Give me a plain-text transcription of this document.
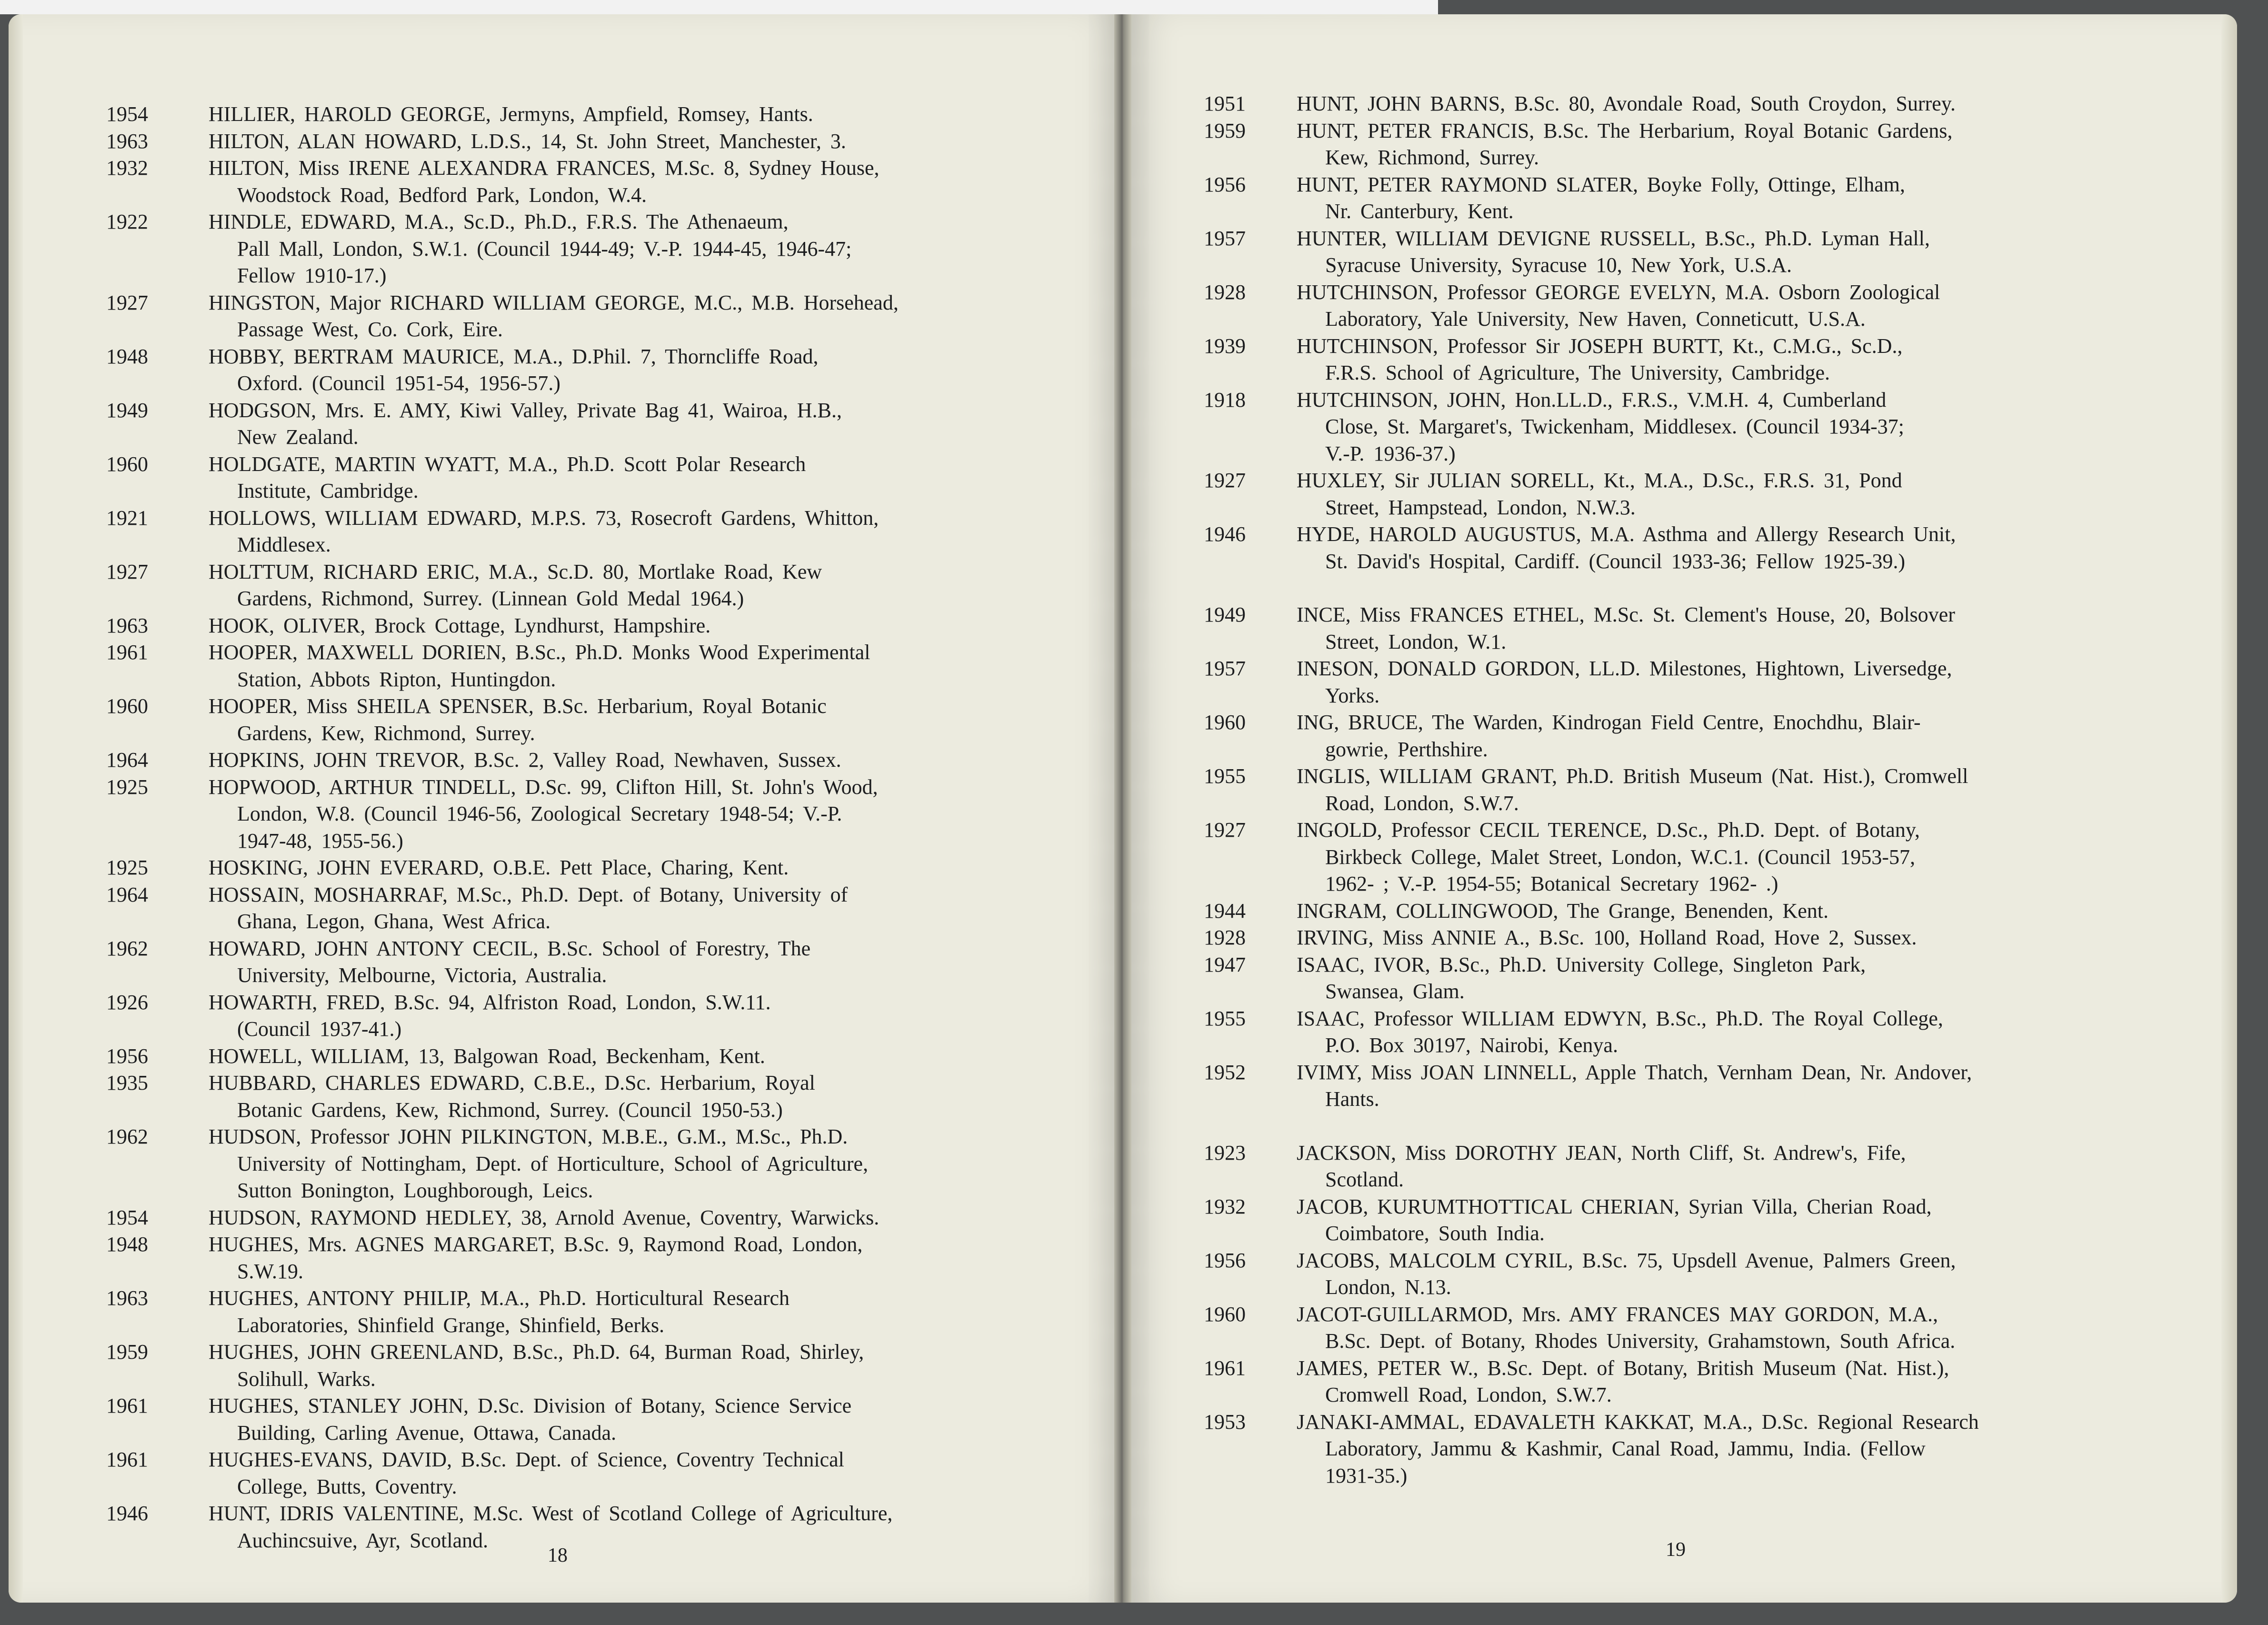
1954	HILLIER, HAROLD GEORGE, Jermyns, Ampfield, Romsey, Hants.
1963	HILTON, ALAN HOWARD, L.D.S., 14, St. John Street, Manchester, 3.
1932	HILTON, Miss IRENE ALEXANDRA FRANCES, M.Sc. 8, Sydney House,
Woodstock Road, Bedford Park, London, W.4.
1922	HINDLE, EDWARD, M.A., Sc.D., Ph.D., F.R.S. The Athenaeum,
Pall Mall, London, S.W.1. (Council 1944-49; V.-P. 1944-45, 1946-47;
Fellow 1910-17.)
1927	HINGSTON, Major RICHARD WILLIAM GEORGE, M.C., M.B. Horsehead,
Passage West, Co. Cork, Eire.
1948	HOBBY, BERTRAM MAURICE, M.A., D.Phil. 7, Thorncliffe Road,
Oxford. (Council 1951-54, 1956-57.)
1949	HODGSON, Mrs. E. AMY, Kiwi Valley, Private Bag 41, Wairoa, H.B.,
New Zealand.
1960	HOLDGATE, MARTIN WYATT, M.A., Ph.D. Scott Polar Research
Institute, Cambridge.
1921	HOLLOWS, WILLIAM EDWARD, M.P.S. 73, Rosecroft Gardens, Whitton,
Middlesex.
1927	HOLTTUM, RICHARD ERIC, M.A., Sc.D. 80, Mortlake Road, Kew
Gardens, Richmond, Surrey. (Linnean Gold Medal 1964.)
1963	HOOK, OLIVER, Brock Cottage, Lyndhurst, Hampshire.
1961	HOOPER, MAXWELL DORIEN, B.Sc., Ph.D. Monks Wood Experimental
Station, Abbots Ripton, Huntingdon.
1960	HOOPER, Miss SHEILA SPENSER, B.Sc. Herbarium, Royal Botanic
Gardens, Kew, Richmond, Surrey.
1964	HOPKINS, JOHN TREVOR, B.Sc. 2, Valley Road, Newhaven, Sussex.
1925	HOPWOOD, ARTHUR TINDELL, D.Sc. 99, Clifton Hill, St. John's Wood,
London, W.8. (Council 1946-56, Zoological Secretary 1948-54; V.-P.
1947-48, 1955-56.)
1925	HOSKING, JOHN EVERARD, O.B.E. Pett Place, Charing, Kent.
1964	HOSSAIN, MOSHARRAF, M.Sc., Ph.D. Dept. of Botany, University of
Ghana, Legon, Ghana, West Africa.
1962	HOWARD, JOHN ANTONY CECIL, B.Sc. School of Forestry, The
University, Melbourne, Victoria, Australia.
1926	HOWARTH, FRED, B.Sc. 94, Alfriston Road, London, S.W.11.
(Council 1937-41.)
1956	HOWELL, WILLIAM, 13, Balgowan Road, Beckenham, Kent.
1935	HUBBARD, CHARLES EDWARD, C.B.E., D.Sc. Herbarium, Royal
Botanic Gardens, Kew, Richmond, Surrey. (Council 1950-53.)
1962	HUDSON, Professor JOHN PILKINGTON, M.B.E., G.M., M.Sc., Ph.D.
University of Nottingham, Dept. of Horticulture, School of Agriculture,
Sutton Bonington, Loughborough, Leics.
1954	HUDSON, RAYMOND HEDLEY, 38, Arnold Avenue, Coventry, Warwicks.
1948	HUGHES, Mrs. AGNES MARGARET, B.Sc. 9, Raymond Road, London,
S.W.19.
1963	HUGHES, ANTONY PHILIP, M.A., Ph.D. Horticultural Research
Laboratories, Shinfield Grange, Shinfield, Berks.
1959	HUGHES, JOHN GREENLAND, B.Sc., Ph.D. 64, Burman Road, Shirley,
Solihull, Warks.
1961	HUGHES, STANLEY JOHN, D.Sc. Division of Botany, Science Service
Building, Carling Avenue, Ottawa, Canada.
1961	HUGHES-EVANS, DAVID, B.Sc. Dept. of Science, Coventry Technical
College, Butts, Coventry.
1946	HUNT, IDRIS VALENTINE, M.Sc. West of Scotland College of Agriculture,
Auchincsuive, Ayr, Scotland.
18
1951	HUNT, JOHN BARNS, B.Sc. 80, Avondale Road, South Croydon, Surrey.
1959	HUNT, PETER FRANCIS, B.Sc. The Herbarium, Royal Botanic Gardens,
Kew, Richmond, Surrey.
1956	HUNT, PETER RAYMOND SLATER, Boyke Folly, Ottinge, Elham,
Nr. Canterbury, Kent.
1957	HUNTER, WILLIAM DEVIGNE RUSSELL, B.Sc., Ph.D. Lyman Hall,
Syracuse University, Syracuse 10, New York, U.S.A.
1928	HUTCHINSON, Professor GEORGE EVELYN, M.A. Osborn Zoological
Laboratory, Yale University, New Haven, Conneticutt, U.S.A.
1939	HUTCHINSON, Professor Sir JOSEPH BURTT, Kt., C.M.G., Sc.D.,
F.R.S. School of Agriculture, The University, Cambridge.
1918	HUTCHINSON, JOHN, Hon.LL.D., F.R.S., V.M.H. 4, Cumberland
Close, St. Margaret's, Twickenham, Middlesex. (Council 1934-37;
V.-P. 1936-37.)
1927	HUXLEY, Sir JULIAN SORELL, Kt., M.A., D.Sc., F.R.S. 31, Pond
Street, Hampstead, London, N.W.3.
1946	HYDE, HAROLD AUGUSTUS, M.A. Asthma and Allergy Research Unit,
St. David's Hospital, Cardiff. (Council 1933-36; Fellow 1925-39.)
1949	INCE, Miss FRANCES ETHEL, M.Sc. St. Clement's House, 20, Bolsover
Street, London, W.1.
1957	INESON, DONALD GORDON, LL.D. Milestones, Hightown, Liversedge,
Yorks.
1960	ING, BRUCE, The Warden, Kindrogan Field Centre, Enochdhu, Blair-
gowrie, Perthshire.
1955	INGLIS, WILLIAM GRANT, Ph.D. British Museum (Nat. Hist.), Cromwell
Road, London, S.W.7.
1927	INGOLD, Professor CECIL TERENCE, D.Sc., Ph.D. Dept. of Botany,
Birkbeck College, Malet Street, London, W.C.1. (Council 1953-57,
1962- ; V.-P. 1954-55; Botanical Secretary 1962- .)
1944	INGRAM, COLLINGWOOD, The Grange, Benenden, Kent.
1928	IRVING, Miss ANNIE A., B.Sc. 100, Holland Road, Hove 2, Sussex.
1947	ISAAC, IVOR, B.Sc., Ph.D. University College, Singleton Park,
Swansea, Glam.
1955	ISAAC, Professor WILLIAM EDWYN, B.Sc., Ph.D. The Royal College,
P.O. Box 30197, Nairobi, Kenya.
1952	IVIMY, Miss JOAN LINNELL, Apple Thatch, Vernham Dean, Nr. Andover,
Hants.
1923	JACKSON, Miss DOROTHY JEAN, North Cliff, St. Andrew's, Fife,
Scotland.
1932	JACOB, KURUMTHOTTICAL CHERIAN, Syrian Villa, Cherian Road,
Coimbatore, South India.
1956	JACOBS, MALCOLM CYRIL, B.Sc. 75, Upsdell Avenue, Palmers Green,
London, N.13.
1960	JACOT-GUILLARMOD, Mrs. AMY FRANCES MAY GORDON, M.A.,
B.Sc. Dept. of Botany, Rhodes University, Grahamstown, South Africa.
1961	JAMES, PETER W., B.Sc. Dept. of Botany, British Museum (Nat. Hist.),
Cromwell Road, London, S.W.7.
1953	JANAKI-AMMAL, EDAVALETH KAKKAT, M.A., D.Sc. Regional Research
Laboratory, Jammu & Kashmir, Canal Road, Jammu, India. (Fellow
1931-35.)
19
